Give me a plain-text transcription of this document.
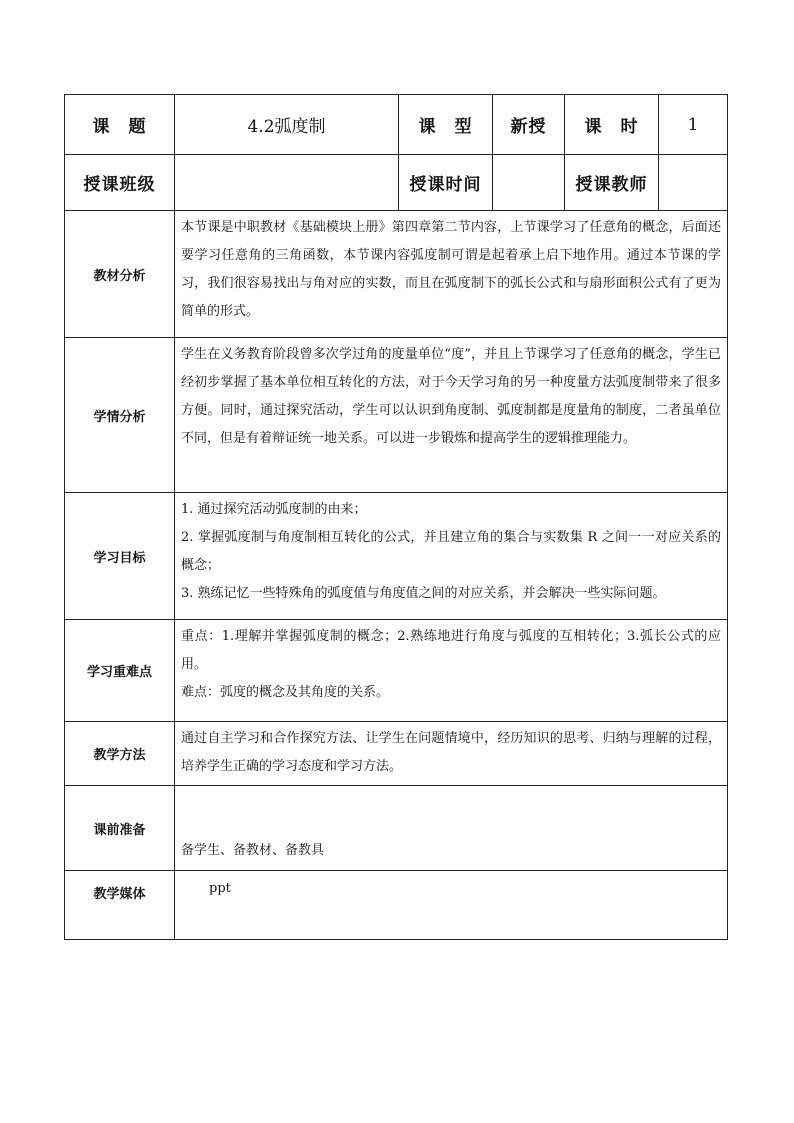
课　题	4.2弧度制	课　型	新授	课　时	1
授课班级		授课时间		授课教师	
教材分析	本节课是中职教材《基础模块上册》第四章第二节内容，上节课学习了任意角的概念，后面还要学习任意角的三角函数，本节课内容弧度制可谓是起着承上启下地作用。通过本节课的学习，我们很容易找出与角对应的实数，而且在弧度制下的弧长公式和与扇形面积公式有了更为简单的形式。				

学情分析	学生在义务教育阶段曾多次学过角的度量单位“度”，并且上节课学习了任意角的概念，学生已经初步掌握了基本单位相互转化的方法，对于今天学习角的另一种度量方法弧度制带来了很多方便。同时，通过探究活动，学生可以认识到角度制、弧度制都是度量角的制度，二者虽单位不同，但是有着辩证统一地关系。可以进一步锻炼和提高学生的逻辑推理能力。				

学习目标	1. 通过探究活动弧度制的由来；

2. 掌握弧度制与角度制相互转化的公式，并且建立角的集合与实数集 R 之间一一对应关系的概念；

3. 熟练记忆一些特殊角的弧度值与角度值之间的对应关系，并会解决一些实际问题。				

学习重难点	重点：1.理解并掌握弧度制的概念；2.熟练地进行角度与弧度的互相转化；3.弧长公式的应用。

难点：弧度的概念及其角度的关系。				

教学方法	通过自主学习和合作探究方法、让学生在问题情境中，经历知识的思考、归纳与理解的过程，培养学生正确的学习态度和学习方法。				

课前准备	备学生、备教材、备教具				
教学媒体	ppt				
